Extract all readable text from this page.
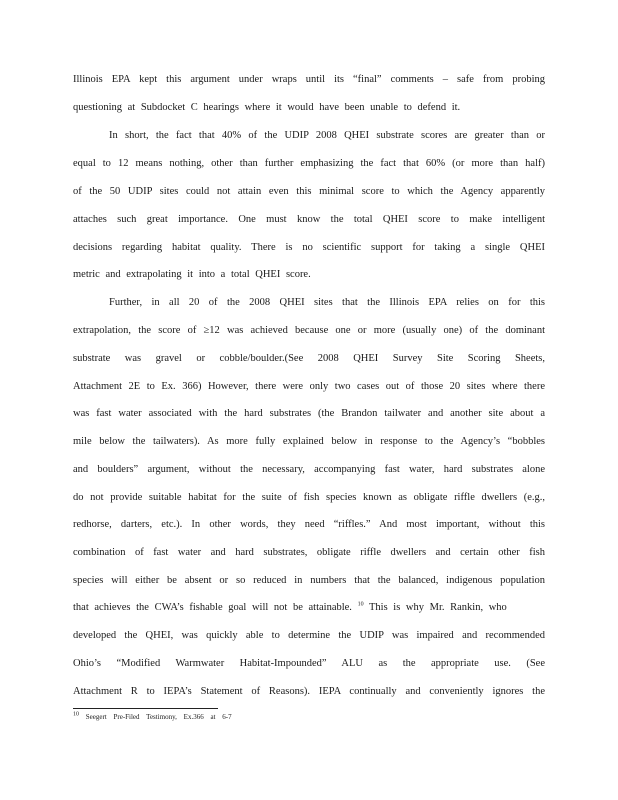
Illinois EPA kept this argument under wraps until its “final” comments – safe from probing
questioning at Subdocket C hearings where it would have been unable to defend it.
In short, the fact that 40% of the UDIP 2008 QHEI substrate scores are greater than or
equal to 12 means nothing, other than further emphasizing the fact that 60% (or more than half)
of the 50 UDIP sites could not attain even this minimal score to which the Agency apparently
attaches such great importance. One must know the total QHEI score to make intelligent
decisions regarding habitat quality. There is no scientific support for taking a single QHEI
metric and extrapolating it into a total QHEI score.
Further, in all 20 of the 2008 QHEI sites that the Illinois EPA relies on for this
extrapolation, the score of ≥12 was achieved because one or more (usually one) of the dominant
substrate was gravel or cobble/boulder.(See 2008 QHEI Survey Site Scoring Sheets,
Attachment 2E to Ex. 366) However, there were only two cases out of those 20 sites where there
was fast water associated with the hard substrates (the Brandon tailwater and another site about a
mile below the tailwaters). As more fully explained below in response to the Agency’s “bobbles
and boulders” argument, without the necessary, accompanying fast water, hard substrates alone
do not provide suitable habitat for the suite of fish species known as obligate riffle dwellers (e.g.,
redhorse, darters, etc.). In other words, they need “riffles.” And most important, without this
combination of fast water and hard substrates, obligate riffle dwellers and certain other fish
species will either be absent or so reduced in numbers that the balanced, indigenous population
that achieves the CWA’s fishable goal will not be attainable. $^{10}$ This is why Mr. Rankin, who
developed the QHEI, was quickly able to determine the UDIP was impaired and recommended
Ohio’s “Modified Warmwater Habitat-Impounded” ALU as the appropriate use. (See
Attachment R to IEPA’s Statement of Reasons). IEPA continually and conveniently ignores the
10 Seegert Pre-Filed Testimony, Ex.366 at 6-7
